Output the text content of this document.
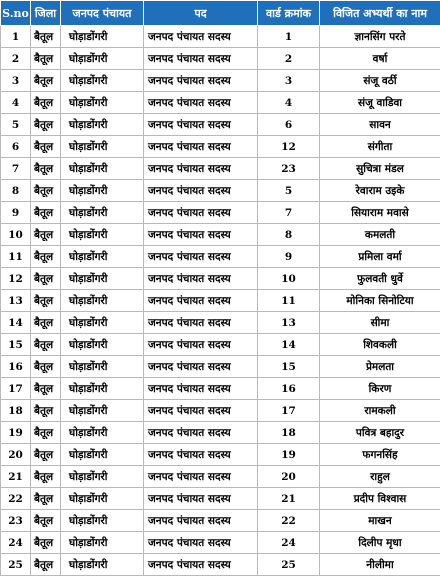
S.no	जिला	जनपद पंचायत	पद	वार्ड क्रमांक	विजित अभ्यर्थी का नाम
1	बैतूल	घोड़ाडोंगरी	जनपद पंचायत सदस्य	1	ज्ञानसिंग परते
2	बैतूल	घोड़ाडोंगरी	जनपद पंचायत सदस्य	2	वर्षा
3	बैतूल	घोड़ाडोंगरी	जनपद पंचायत सदस्य	3	संजू वर्ठी
4	बैतूल	घोड़ाडोंगरी	जनपद पंचायत सदस्य	4	संजू वाडिवा
5	बैतूल	घोड़ाडोंगरी	जनपद पंचायत सदस्य	6	सावन
6	बैतूल	घोड़ाडोंगरी	जनपद पंचायत सदस्य	12	संगीता
7	बैतूल	घोड़ाडोंगरी	जनपद पंचायत सदस्य	23	सुचित्रा मंडल
8	बैतूल	घोड़ाडोंगरी	जनपद पंचायत सदस्य	5	रेवाराम उइके
9	बैतूल	घोड़ाडोंगरी	जनपद पंचायत सदस्य	7	सियाराम मवासे
10	बैतूल	घोड़ाडोंगरी	जनपद पंचायत सदस्य	8	कमलती
11	बैतूल	घोड़ाडोंगरी	जनपद पंचायत सदस्य	9	प्रमिला वर्मा
12	बैतूल	घोड़ाडोंगरी	जनपद पंचायत सदस्य	10	फुलवती धुर्वे
13	बैतूल	घोड़ाडोंगरी	जनपद पंचायत सदस्य	11	मोनिका सिनोटिया
14	बैतूल	घोड़ाडोंगरी	जनपद पंचायत सदस्य	13	सीमा
15	बैतूल	घोड़ाडोंगरी	जनपद पंचायत सदस्य	14	शिवकली
16	बैतूल	घोड़ाडोंगरी	जनपद पंचायत सदस्य	15	प्रेमलता
17	बैतूल	घोड़ाडोंगरी	जनपद पंचायत सदस्य	16	किरण
18	बैतूल	घोड़ाडोंगरी	जनपद पंचायत सदस्य	17	रामकली
19	बैतूल	घोड़ाडोंगरी	जनपद पंचायत सदस्य	18	पवित्र बहादुर
20	बैतूल	घोड़ाडोंगरी	जनपद पंचायत सदस्य	19	फगनसिंह
21	बैतूल	घोड़ाडोंगरी	जनपद पंचायत सदस्य	20	राहुल
22	बैतूल	घोड़ाडोंगरी	जनपद पंचायत सदस्य	21	प्रदीप विश्वास
23	बैतूल	घोड़ाडोंगरी	जनपद पंचायत सदस्य	22	माखन
24	बैतूल	घोड़ाडोंगरी	जनपद पंचायत सदस्य	24	दिलीप मृधा
25	बैतूल	घोड़ाडोंगरी	जनपद पंचायत सदस्य	25	नीलीमा
